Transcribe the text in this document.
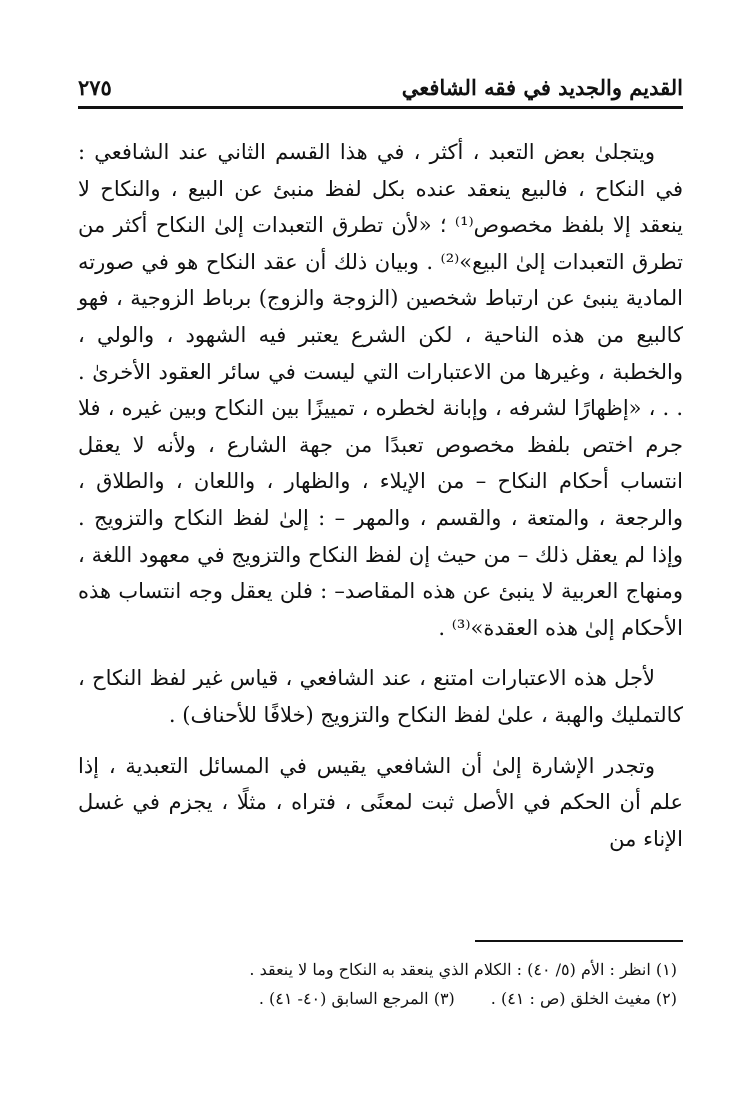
٢٧٥	القديم والجديد في فقه الشافعي

ويتجلىٰ بعض التعبد ، أكثر ، في هذا القسم الثاني عند الشافعي : في النكاح ، فالبيع ينعقد عنده بكل لفظ منبئ عن البيع ، والنكاح لا ينعقد إلا بلفظ مخصوص⁽¹⁾ ؛ «لأن تطرق التعبدات إلىٰ النكاح أكثر من تطرق التعبدات إلىٰ البيع»⁽²⁾ . وبيان ذلك أن عقد النكاح هو في صورته المادية ينبئ عن ارتباط شخصين (الزوجة والزوج) برباط الزوجية ، فهو كالبيع من هذه الناحية ، لكن الشرع يعتبر فيه الشهود ، والولي ، والخطبة ، وغيرها من الاعتبارات التي ليست في سائر العقود الأخرىٰ . . . ، «إظهارًا لشرفه ، وإبانة لخطره ، تمييزًا بين النكاح وبين غيره ، فلا جرم اختص بلفظ مخصوص تعبدًا من جهة الشارع ، ولأنه لا يعقل انتساب أحكام النكاح – من الإيلاء ، والظهار ، واللعان ، والطلاق ، والرجعة ، والمتعة ، والقسم ، والمهر – : إلىٰ لفظ النكاح والتزويج . وإذا لم يعقل ذلك – من حيث إن لفظ النكاح والتزويج في معهود اللغة ، ومنهاج العربية لا ينبئ عن هذه المقاصد– : فلن يعقل وجه انتساب هذه الأحكام إلىٰ هذه العقدة»⁽³⁾ .

لأجل هذه الاعتبارات امتنع ، عند الشافعي ، قياس غير لفظ النكاح ، كالتمليك والهبة ، علىٰ لفظ النكاح والتزويج (خلافًا للأحناف) .

وتجدر الإشارة إلىٰ أن الشافعي يقيس في المسائل التعبدية ، إذا علم أن الحكم في الأصل ثبت لمعنًى ، فتراه ، مثلًا ، يجزم في غسل الإناء من

(١) انظر : الأم (٥/ ٤٠) : الكلام الذي ينعقد به النكاح وما لا ينعقد .
(٢) مغيث الخلق (ص : ٤١) .
(٣) المرجع السابق (٤٠- ٤١) .
